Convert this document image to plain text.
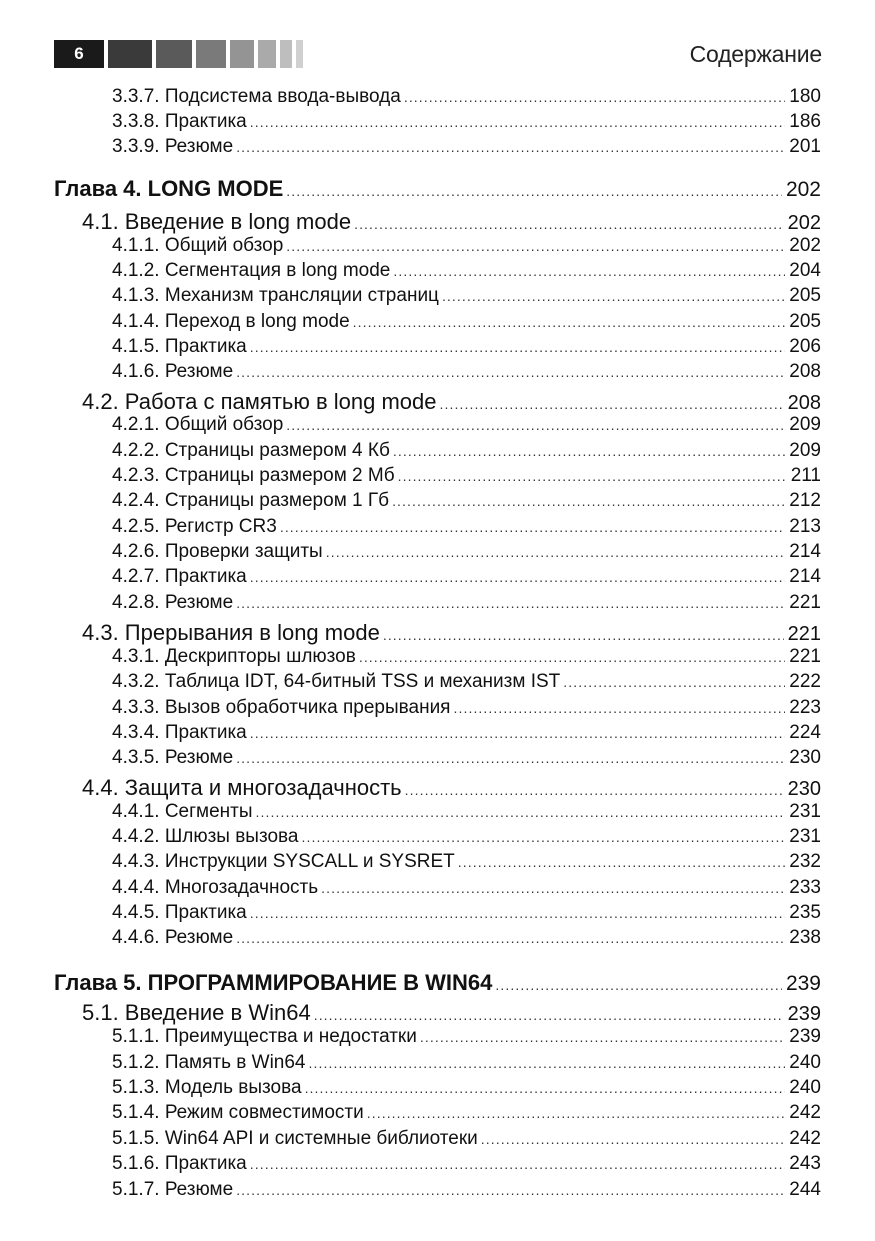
6	Содержание
3.3.7. Подсистема ввода-вывода .....	180
3.3.8. Практика .....	186
3.3.9. Резюме .....	201
Глава 4. LONG MODE .....	202
4.1. Введение в long mode .....	202
4.1.1. Общий обзор .....	202
4.1.2. Сегментация в long mode .....	204
4.1.3. Механизм трансляции страниц .....	205
4.1.4. Переход в long mode .....	205
4.1.5. Практика .....	206
4.1.6. Резюме .....	208
4.2. Работа с памятью в long mode .....	208
4.2.1. Общий обзор .....	209
4.2.2. Страницы размером 4 Кб .....	209
4.2.3. Страницы размером 2 Мб .....	211
4.2.4. Страницы размером 1 Гб .....	212
4.2.5. Регистр CR3 .....	213
4.2.6. Проверки защиты .....	214
4.2.7. Практика .....	214
4.2.8. Резюме .....	221
4.3. Прерывания в long mode .....	221
4.3.1. Дескрипторы шлюзов .....	221
4.3.2. Таблица IDT, 64-битный TSS и механизм IST .....	222
4.3.3. Вызов обработчика прерывания .....	223
4.3.4. Практика .....	224
4.3.5. Резюме .....	230
4.4. Защита и многозадачность .....	230
4.4.1. Сегменты .....	231
4.4.2. Шлюзы вызова .....	231
4.4.3. Инструкции SYSCALL и SYSRET .....	232
4.4.4. Многозадачность .....	233
4.4.5. Практика .....	235
4.4.6. Резюме .....	238
Глава 5. ПРОГРАММИРОВАНИЕ В WIN64 .....	239
5.1. Введение в Win64 .....	239
5.1.1. Преимущества и недостатки .....	239
5.1.2. Память в Win64 .....	240
5.1.3. Модель вызова .....	240
5.1.4. Режим совместимости .....	242
5.1.5. Win64 API и системные библиотеки .....	242
5.1.6. Практика .....	243
5.1.7. Резюме .....	244
